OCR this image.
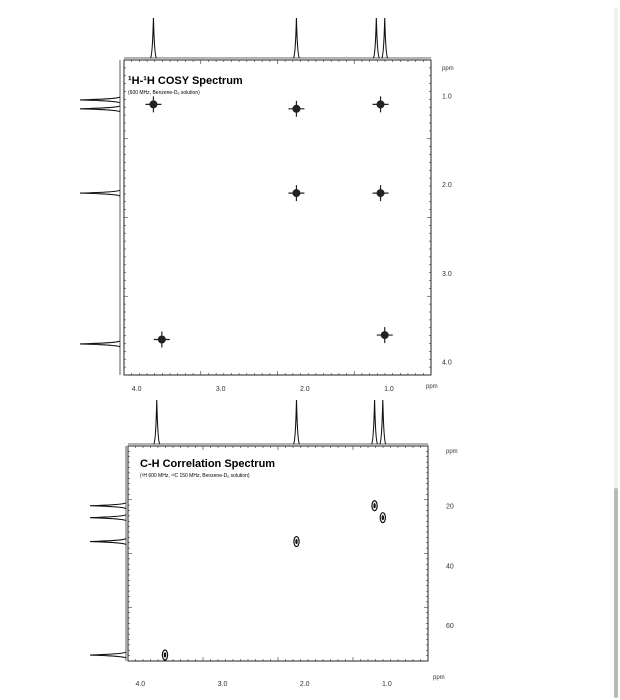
4.0	3.0	2.0	1.0
1.0
2.0
3.0
4.0
ppm
ppm
¹H-¹H COSY Spectrum
(600 MHz, Benzene-D₆ solution)
4.0	3.0	2.0	1.0
20
40
60
ppm
ppm
C-H Correlation Spectrum
(¹H 600 MHz, ¹³C 150 MHz, Benzene-D₆ solution)
